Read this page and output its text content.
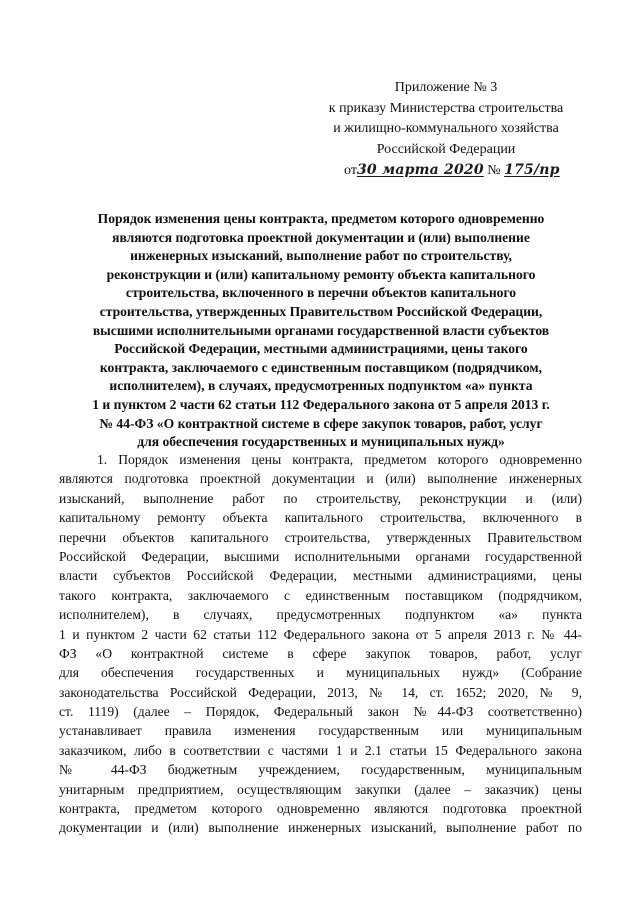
Приложение № 3
к приказу Министерства строительства
и жилищно-коммунального хозяйства
Российской Федерации
от30 марта 2020 № 175/пр
Порядок изменения цены контракта, предметом которого одновременно
являются подготовка проектной документации и (или) выполнение
инженерных изысканий, выполнение работ по строительству,
реконструкции и (или) капитальному ремонту объекта капитального
строительства, включенного в перечни объектов капитального
строительства, утвержденных Правительством Российской Федерации,
высшими исполнительными органами государственной власти субъектов
Российской Федерации, местными администрациями, цены такого
контракта, заключаемого с единственным поставщиком (подрядчиком,
исполнителем), в случаях, предусмотренных подпунктом «а» пункта
1 и пунктом 2 части 62 статьи 112 Федерального закона от 5 апреля 2013 г.
№ 44-ФЗ «О контрактной системе в сфере закупок товаров, работ, услуг
для обеспечения государственных и муниципальных нужд»
1. Порядок изменения цены контракта, предметом которого одновременно
являются подготовка проектной документации и (или) выполнение инженерных
изысканий, выполнение работ по строительству, реконструкции и (или)
капитальному ремонту объекта капитального строительства, включенного в
перечни объектов капитального строительства, утвержденных Правительством
Российской Федерации, высшими исполнительными органами государственной
власти субъектов Российской Федерации, местными администрациями, цены
такого контракта, заключаемого с единственным поставщиком (подрядчиком,
исполнителем), в случаях, предусмотренных подпунктом «а» пункта
1 и пунктом 2 части 62 статьи 112 Федерального закона от 5 апреля 2013 г. № 44-
ФЗ «О контрактной системе в сфере закупок товаров, работ, услуг
для обеспечения государственных и муниципальных нужд» (Собрание
законодательства Российской Федерации, 2013, № 14, ст. 1652; 2020, № 9,
ст. 1119) (далее – Порядок, Федеральный закон №44-ФЗ соответственно)
устанавливает правила изменения государственным или муниципальным
заказчиком, либо в соответствии с частями 1 и 2.1 статьи 15 Федерального закона
№ 44-ФЗ бюджетным учреждением, государственным, муниципальным
унитарным предприятием, осуществляющим закупки (далее – заказчик) цены
контракта, предметом которого одновременно являются подготовка проектной
документации и (или) выполнение инженерных изысканий, выполнение работ по
